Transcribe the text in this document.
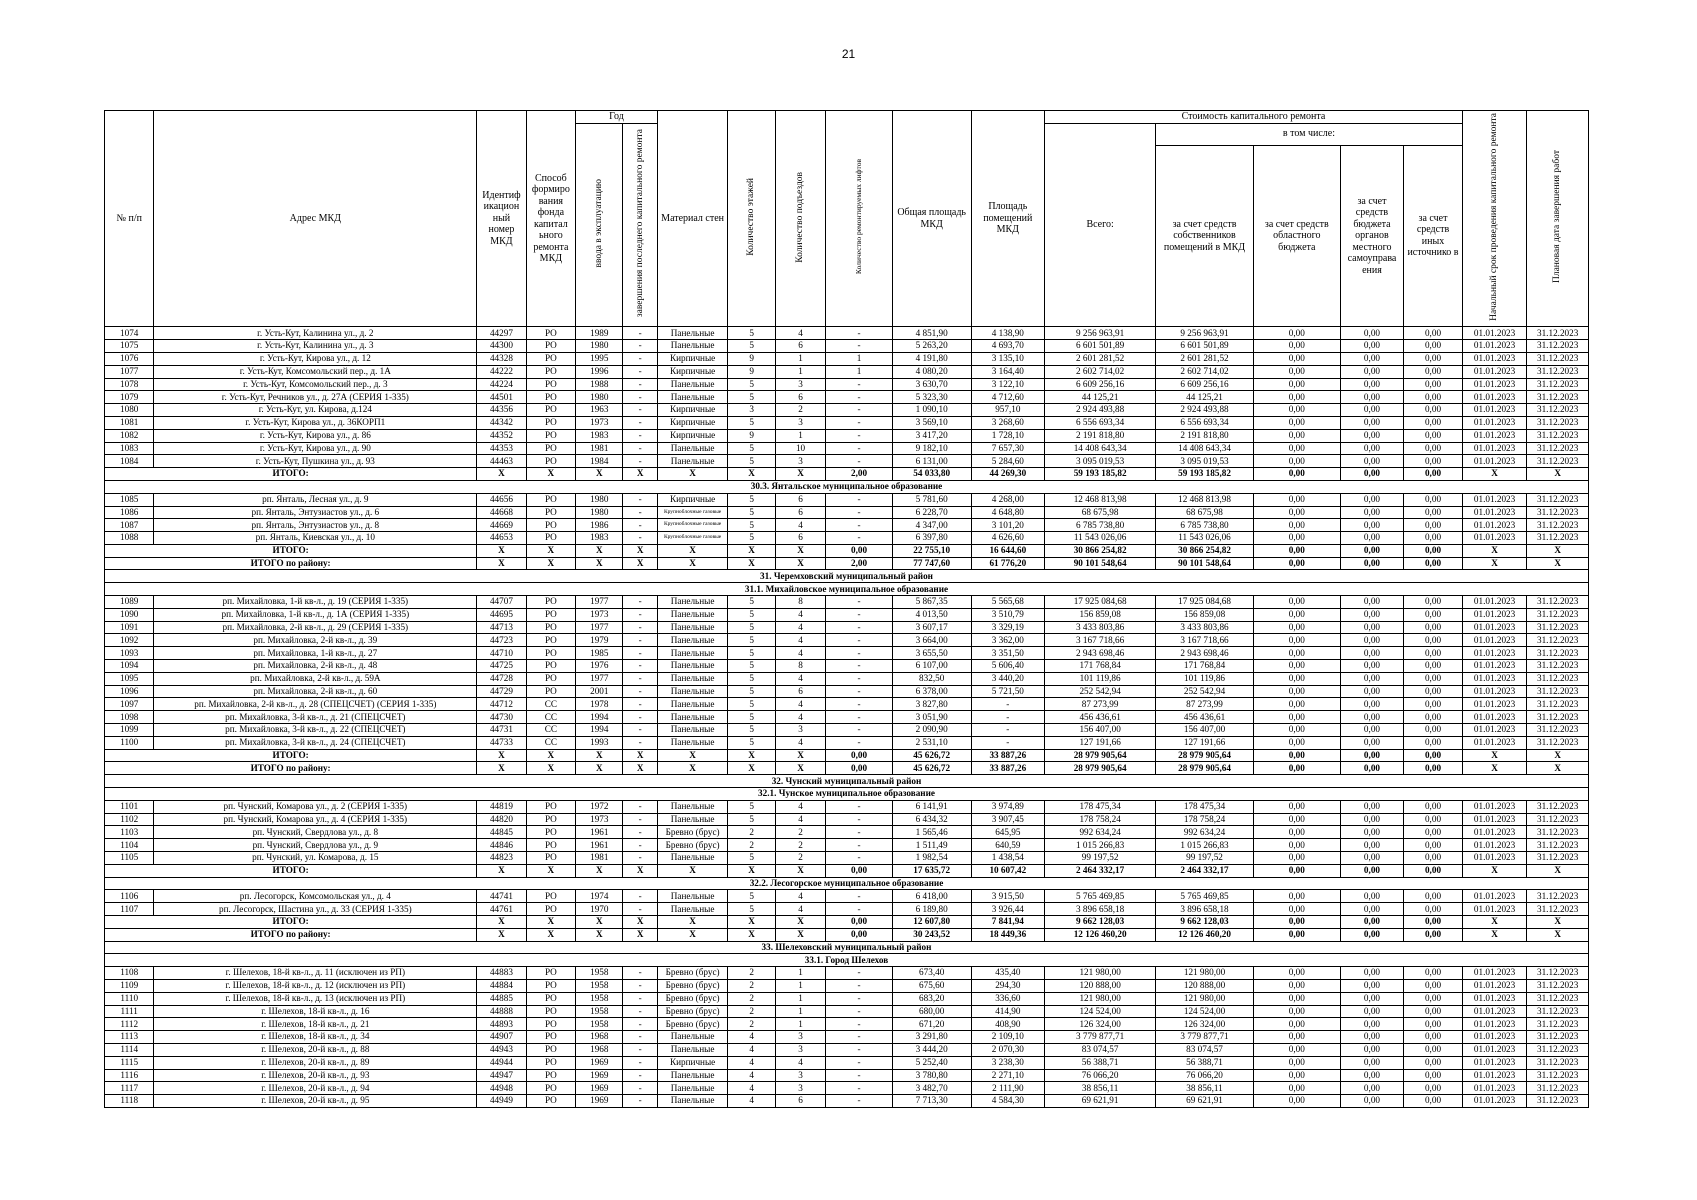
21
№ п/п	Адрес МКД	Идентиф икацион ный номер МКД	Способ формиро вания фонда капитал ьного ремонта МКД	Год		Материал стен	Количество этажей	Количество подъездов	Количество ремонтируемых лифтов	Общая площадь МКД	Площадь помещений МКД	Стоимость капитального ремонта					Начальный срок проведения капитального ремонта	Плановая дата завершения работ
				ввода в эксплуатацию	завершения последнего капитального ремонта							Всего:	в том числе:					
													за счет средств собственников помещений в МКД	за счет средств областного бюджета	за счет средств бюджета органов местного самоуправа ения	за счет средств иных источнико в		
1074	г. Усть-Кут, Калинина ул., д. 2	44297	РО	1989	-	Панельные	5	4	-	4 851,90	4 138,90	9 256 963,91	9 256 963,91	0,00	0,00	0,00	01.01.2023	31.12.2023
1075	г. Усть-Кут, Калинина ул., д. 3	44300	РО	1980	-	Панельные	5	6	-	5 263,20	4 693,70	6 601 501,89	6 601 501,89	0,00	0,00	0,00	01.01.2023	31.12.2023
1076	г. Усть-Кут, Кирова ул., д. 12	44328	РО	1995	-	Кирпичные	9	1	1	4 191,80	3 135,10	2 601 281,52	2 601 281,52	0,00	0,00	0,00	01.01.2023	31.12.2023
1077	г. Усть-Кут, Комсомольский пер., д. 1А	44222	РО	1996	-	Кирпичные	9	1	1	4 080,20	3 164,40	2 602 714,02	2 602 714,02	0,00	0,00	0,00	01.01.2023	31.12.2023
1078	г. Усть-Кут, Комсомольский пер., д. 3	44224	РО	1988	-	Панельные	5	3	-	3 630,70	3 122,10	6 609 256,16	6 609 256,16	0,00	0,00	0,00	01.01.2023	31.12.2023
1079	г. Усть-Кут, Речников ул., д. 27А (СЕРИЯ 1-335)	44501	РО	1980	-	Панельные	5	6	-	5 323,30	4 712,60	44 125,21	44 125,21	0,00	0,00	0,00	01.01.2023	31.12.2023
1080	г. Усть-Кут, ул. Кирова, д.124	44356	РО	1963	-	Кирпичные	3	2	-	1 090,10	957,10	2 924 493,88	2 924 493,88	0,00	0,00	0,00	01.01.2023	31.12.2023
1081	г. Усть-Кут, Кирова ул., д. 36КОРП1	44342	РО	1973	-	Кирпичные	5	3	-	3 569,10	3 268,60	6 556 693,34	6 556 693,34	0,00	0,00	0,00	01.01.2023	31.12.2023
1082	г. Усть-Кут, Кирова ул., д. 86	44352	РО	1983	-	Кирпичные	9	1	-	3 417,20	1 728,10	2 191 818,80	2 191 818,80	0,00	0,00	0,00	01.01.2023	31.12.2023
1083	г. Усть-Кут, Кирова ул., д. 90	44353	РО	1981	-	Панельные	5	10	-	9 182,10	7 657,30	14 408 643,34	14 408 643,34	0,00	0,00	0,00	01.01.2023	31.12.2023
1084	г. Усть-Кут, Пушкина ул., д. 93	44463	РО	1984	-	Панельные	5	3	-	6 131,00	5 284,60	3 095 019,53	3 095 019,53	0,00	0,00	0,00	01.01.2023	31.12.2023
ИТОГО:		X	X	X	X	X	X	X	2,00	54 033,80	44 269,30	59 193 185,82	59 193 185,82	0,00	0,00	0,00	X	X
30.3. Янтальское муниципальное образование																		
1085	рп. Янталь, Лесная ул., д. 9	44656	РО	1980	-	Кирпичные	5	6	-	5 781,60	4 268,00	12 468 813,98	12 468 813,98	0,00	0,00	0,00	01.01.2023	31.12.2023
1086	рп. Янталь, Энтузиастов ул., д. 6	44668	РО	1980	-	Крупноблочные газовые	5	6	-	6 228,70	4 648,80	68 675,98	68 675,98	0,00	0,00	0,00	01.01.2023	31.12.2023
1087	рп. Янталь, Энтузиастов ул., д. 8	44669	РО	1986	-	Крупноблочные газовые	5	4	-	4 347,00	3 101,20	6 785 738,80	6 785 738,80	0,00	0,00	0,00	01.01.2023	31.12.2023
1088	рп. Янталь, Киевская ул., д. 10	44653	РО	1983	-	Крупноблочные газовые	5	6	-	6 397,80	4 626,60	11 543 026,06	11 543 026,06	0,00	0,00	0,00	01.01.2023	31.12.2023
ИТОГО:		X	X	X	X	X	X	X	0,00	22 755,10	16 644,60	30 866 254,82	30 866 254,82	0,00	0,00	0,00	X	X
ИТОГО по району:		X	X	X	X	X	X	X	2,00	77 747,60	61 776,20	90 101 548,64	90 101 548,64	0,00	0,00	0,00	X	X
31. Черемховский муниципальный район																		
31.1. Михайловское муниципальное образование																		
1089	рп. Михайловка, 1-й кв-л., д. 19 (СЕРИЯ 1-335)	44707	РО	1977	-	Панельные	5	8	-	5 867,35	5 565,68	17 925 084,68	17 925 084,68	0,00	0,00	0,00	01.01.2023	31.12.2023
1090	рп. Михайловка, 1-й кв-л., д. 1А (СЕРИЯ 1-335)	44695	РО	1973	-	Панельные	5	4	-	4 013,50	3 510,79	156 859,08	156 859,08	0,00	0,00	0,00	01.01.2023	31.12.2023
1091	рп. Михайловка, 2-й кв-л., д. 29 (СЕРИЯ 1-335)	44713	РО	1977	-	Панельные	5	4	-	3 607,17	3 329,19	3 433 803,86	3 433 803,86	0,00	0,00	0,00	01.01.2023	31.12.2023
1092	рп. Михайловка, 2-й кв-л., д. 39	44723	РО	1979	-	Панельные	5	4	-	3 664,00	3 362,00	3 167 718,66	3 167 718,66	0,00	0,00	0,00	01.01.2023	31.12.2023
1093	рп. Михайловка, 1-й кв-л., д. 27	44710	РО	1985	-	Панельные	5	4	-	3 655,50	3 351,50	2 943 698,46	2 943 698,46	0,00	0,00	0,00	01.01.2023	31.12.2023
1094	рп. Михайловка, 2-й кв-л., д. 48	44725	РО	1976	-	Панельные	5	8	-	6 107,00	5 606,40	171 768,84	171 768,84	0,00	0,00	0,00	01.01.2023	31.12.2023
1095	рп. Михайловка, 2-й кв-л., д. 59А	44728	РО	1977	-	Панельные	5	4	-	832,50	3 440,20	101 119,86	101 119,86	0,00	0,00	0,00	01.01.2023	31.12.2023
1096	рп. Михайловка, 2-й кв-л., д. 60	44729	РО	2001	-	Панельные	5	6	-	6 378,00	5 721,50	252 542,94	252 542,94	0,00	0,00	0,00	01.01.2023	31.12.2023
1097	рп. Михайловка, 2-й кв-л., д. 28 (СПЕЦСЧЕТ) (СЕРИЯ 1-335)	44712	СС	1978	-	Панельные	5	4	-	3 827,80	-	87 273,99	87 273,99	0,00	0,00	0,00	01.01.2023	31.12.2023
1098	рп. Михайловка, 3-й кв-л., д. 21 (СПЕЦСЧЕТ)	44730	СС	1994	-	Панельные	5	4	-	3 051,90	-	456 436,61	456 436,61	0,00	0,00	0,00	01.01.2023	31.12.2023
1099	рп. Михайловка, 3-й кв-л., д. 22 (СПЕЦСЧЕТ)	44731	СС	1994	-	Панельные	5	3	-	2 090,90	-	156 407,00	156 407,00	0,00	0,00	0,00	01.01.2023	31.12.2023
1100	рп. Михайловка, 3-й кв-л., д. 24 (СПЕЦСЧЕТ)	44733	СС	1993	-	Панельные	5	4	-	2 531,10	-	127 191,66	127 191,66	0,00	0,00	0,00	01.01.2023	31.12.2023
ИТОГО:		X	X	X	X	X	X	X	0,00	45 626,72	33 887,26	28 979 905,64	28 979 905,64	0,00	0,00	0,00	X	X
ИТОГО по району:		X	X	X	X	X	X	X	0,00	45 626,72	33 887,26	28 979 905,64	28 979 905,64	0,00	0,00	0,00	X	X
32. Чунский муниципальный район																		
32.1. Чунское муниципальное образование																		
1101	рп. Чунский, Комарова ул., д. 2 (СЕРИЯ 1-335)	44819	РО	1972	-	Панельные	5	4	-	6 141,91	3 974,89	178 475,34	178 475,34	0,00	0,00	0,00	01.01.2023	31.12.2023
1102	рп. Чунский, Комарова ул., д. 4 (СЕРИЯ 1-335)	44820	РО	1973	-	Панельные	5	4	-	6 434,32	3 907,45	178 758,24	178 758,24	0,00	0,00	0,00	01.01.2023	31.12.2023
1103	рп. Чунский, Свердлова ул., д. 8	44845	РО	1961	-	Бревно (брус)	2	2	-	1 565,46	645,95	992 634,24	992 634,24	0,00	0,00	0,00	01.01.2023	31.12.2023
1104	рп. Чунский, Свердлова ул., д. 9	44846	РО	1961	-	Бревно (брус)	2	2	-	1 511,49	640,59	1 015 266,83	1 015 266,83	0,00	0,00	0,00	01.01.2023	31.12.2023
1105	рп. Чунский, ул. Комарова, д. 15	44823	РО	1981	-	Панельные	5	2	-	1 982,54	1 438,54	99 197,52	99 197,52	0,00	0,00	0,00	01.01.2023	31.12.2023
ИТОГО:		X	X	X	X	X	X	X	0,00	17 635,72	10 607,42	2 464 332,17	2 464 332,17	0,00	0,00	0,00	X	X
32.2. Лесогорское муниципальное образование																		
1106	рп. Лесогорск, Комсомольская ул., д. 4	44741	РО	1974	-	Панельные	5	4	-	6 418,00	3 915,50	5 765 469,85	5 765 469,85	0,00	0,00	0,00	01.01.2023	31.12.2023
1107	рп. Лесогорск, Шастина ул., д. 33 (СЕРИЯ 1-335)	44761	РО	1970	-	Панельные	5	4	-	6 189,80	3 926,44	3 896 658,18	3 896 658,18	0,00	0,00	0,00	01.01.2023	31.12.2023
ИТОГО:		X	X	X	X	X	X	X	0,00	12 607,80	7 841,94	9 662 128,03	9 662 128,03	0,00	0,00	0,00	X	X
ИТОГО по району:		X	X	X	X	X	X	X	0,00	30 243,52	18 449,36	12 126 460,20	12 126 460,20	0,00	0,00	0,00	X	X
33. Шелеховский муниципальный район																		
33.1. Город Шелехов																		
1108	г. Шелехов, 18-й кв-л., д. 11 (исключен из РП)	44883	РО	1958	-	Бревно (брус)	2	1	-	673,40	435,40	121 980,00	121 980,00	0,00	0,00	0,00	01.01.2023	31.12.2023
1109	г. Шелехов, 18-й кв-л., д. 12 (исключен из РП)	44884	РО	1958	-	Бревно (брус)	2	1	-	675,60	294,30	120 888,00	120 888,00	0,00	0,00	0,00	01.01.2023	31.12.2023
1110	г. Шелехов, 18-й кв-л., д. 13 (исключен из РП)	44885	РО	1958	-	Бревно (брус)	2	1	-	683,20	336,60	121 980,00	121 980,00	0,00	0,00	0,00	01.01.2023	31.12.2023
1111	г. Шелехов, 18-й кв-л., д. 16	44888	РО	1958	-	Бревно (брус)	2	1	-	680,00	414,90	124 524,00	124 524,00	0,00	0,00	0,00	01.01.2023	31.12.2023
1112	г. Шелехов, 18-й кв-л., д. 21	44893	РО	1958	-	Бревно (брус)	2	1	-	671,20	408,90	126 324,00	126 324,00	0,00	0,00	0,00	01.01.2023	31.12.2023
1113	г. Шелехов, 18-й кв-л., д. 34	44907	РО	1968	-	Панельные	4	3	-	3 291,80	2 109,10	3 779 877,71	3 779 877,71	0,00	0,00	0,00	01.01.2023	31.12.2023
1114	г. Шелехов, 20-й кв-л., д. 88	44943	РО	1968	-	Панельные	4	3	-	3 444,20	2 070,30	83 074,57	83 074,57	0,00	0,00	0,00	01.01.2023	31.12.2023
1115	г. Шелехов, 20-й кв-л., д. 89	44944	РО	1969	-	Кирпичные	4	4	-	5 252,40	3 238,30	56 388,71	56 388,71	0,00	0,00	0,00	01.01.2023	31.12.2023
1116	г. Шелехов, 20-й кв-л., д. 93	44947	РО	1969	-	Панельные	4	3	-	3 780,80	2 271,10	76 066,20	76 066,20	0,00	0,00	0,00	01.01.2023	31.12.2023
1117	г. Шелехов, 20-й кв-л., д. 94	44948	РО	1969	-	Панельные	4	3	-	3 482,70	2 111,90	38 856,11	38 856,11	0,00	0,00	0,00	01.01.2023	31.12.2023
1118	г. Шелехов, 20-й кв-л., д. 95	44949	РО	1969	-	Панельные	4	6	-	7 713,30	4 584,30	69 621,91	69 621,91	0,00	0,00	0,00	01.01.2023	31.12.2023
